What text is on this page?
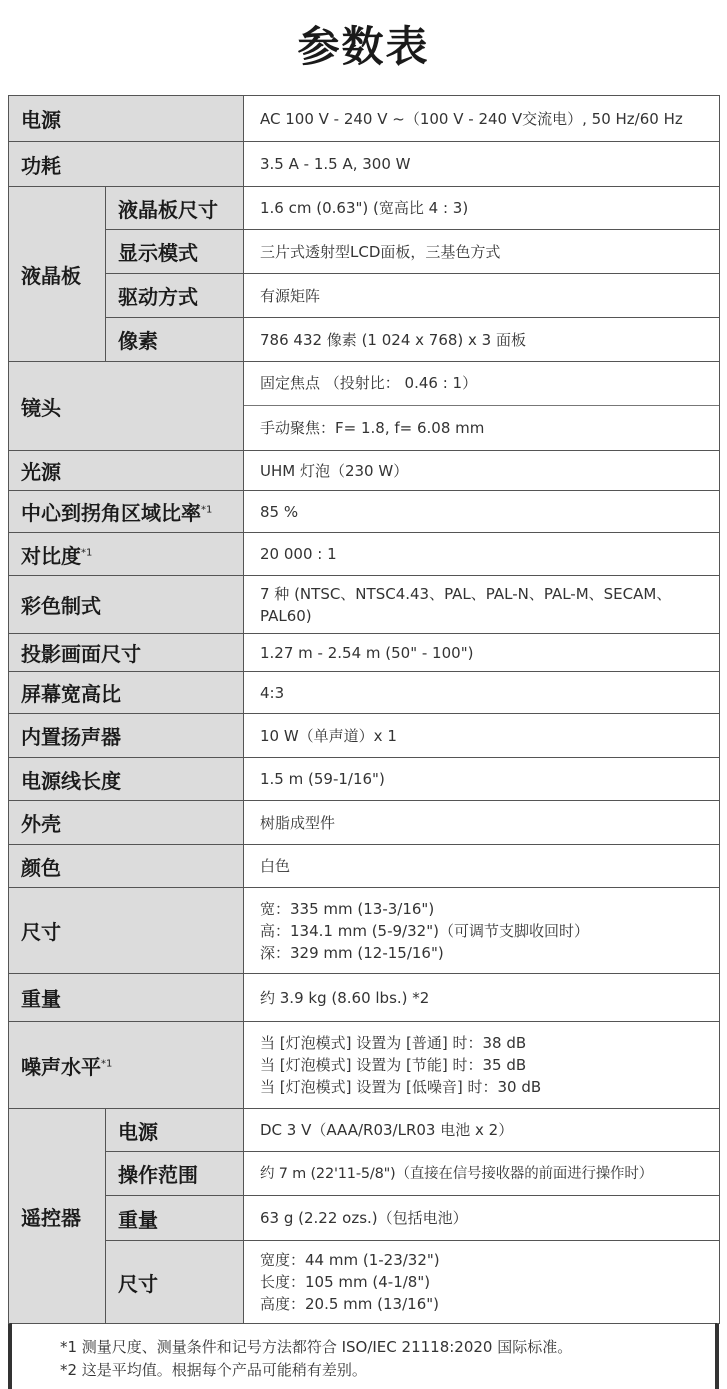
参数表
电源		AC 100 V - 240 V ~（100 V - 240 V交流电）, 50 Hz/60 Hz
功耗		3.5 A - 1.5 A, 300 W
液晶板	液晶板尺寸	1.6 cm (0.63") (宽高比 4 : 3)
	显示模式	三片式透射型LCD面板，三基色方式
	驱动方式	有源矩阵
	像素	786 432 像素 (1 024 x 768) x 3 面板
镜头		固定焦点 （投射比： 0.46 : 1）
手动聚焦：F= 1.8, f= 6.08 mm

光源		UHM 灯泡（230 W）
中心到拐角区域比率$^{*1}$		85 %
对比度$^{*1}$		20 000 : 1
彩色制式		7 种 (NTSC、NTSC4.43、PAL、PAL-N、PAL-M、SECAM、PAL60)
投影画面尺寸		1.27 m - 2.54 m (50" - 100")
屏幕宽高比		4:3
内置扬声器		10 W（单声道）x 1
电源线长度		1.5 m (59-1/16")
外壳		树脂成型件
颜色		白色
尺寸		宽：335 mm (13-3/16")
高：134.1 mm (5-9/32")（可调节支脚收回时）
深：329 mm (12-15/16")

重量		约 3.9 kg (8.60 lbs.) *2
噪声水平$^{*1}$		当 [灯泡模式] 设置为 [普通] 时：38 dB
当 [灯泡模式] 设置为 [节能] 时：35 dB
当 [灯泡模式] 设置为 [低噪音] 时：30 dB

遥控器	电源	DC 3 V（AAA/R03/LR03 电池 x 2）
	操作范围	约 7 m (22'11-5/8")（直接在信号接收器的前面进行操作时）
	重量	63 g (2.22 ozs.)（包括电池）
	尺寸	宽度：44 mm (1-23/32")
长度：105 mm (4-1/8")
高度：20.5 mm (13/16")
*1 测量尺度、测量条件和记号方法都符合 ISO/IEC 21118:2020 国际标准。
*2 这是平均值。根据每个产品可能稍有差别。
